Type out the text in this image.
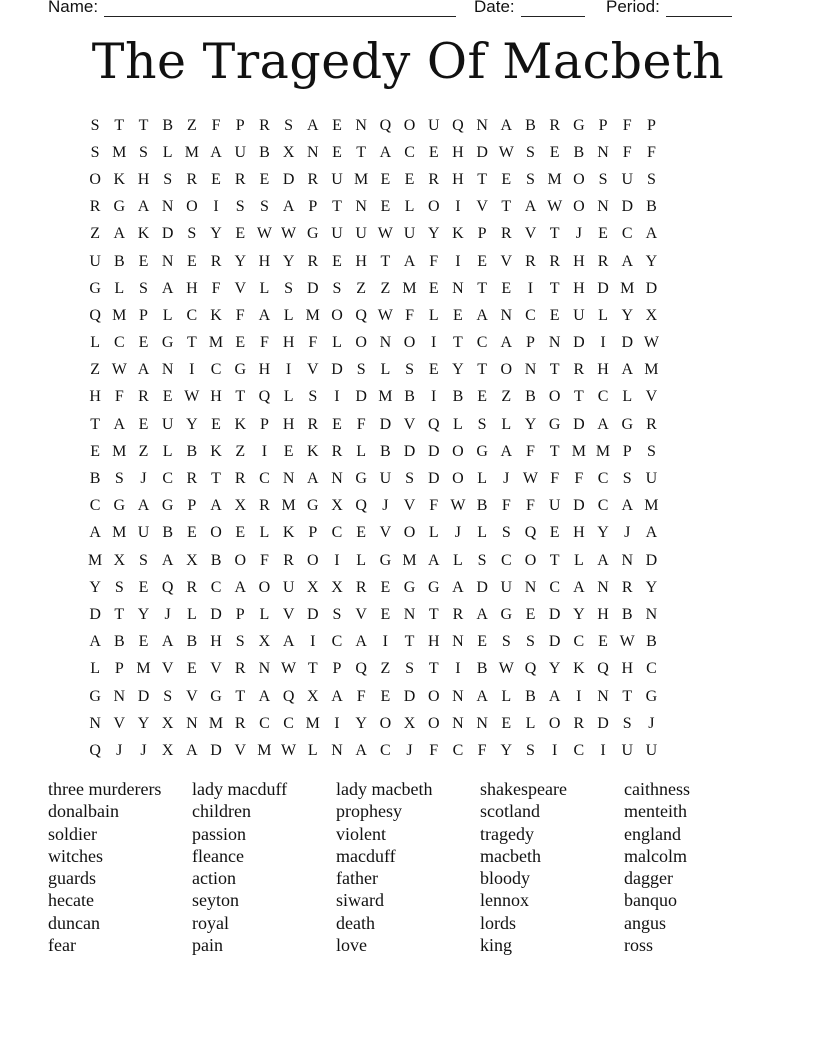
Name:	Date:	Period:
The Tragedy Of Macbeth
S T T B Z F P R S A E N Q O U Q N A B R G P F P
S M S L M A U B X N E T A C E H D W S E B N F F
O K H S R E R E D R U M E E R H T E S M O S U S
R G A N O I	S S A P T N E L O I V T A W O N D B
Z A K D S Y E W W G U U W U Y K P R V T	J	E C A
U B E N E R Y H Y R E H T A F	I	E V R R H R A Y
G L S A H F V L S D S Z Z M E N T E	I	T H D M D
Q M P L C K F A L M O Q W F L E A N C E U L Y X
L C E G T M E F H F L O N O I	T C A P N D I D W
Z W A N I	C G H I V D S L S E Y T O N T R H A M
H F R E W H T Q L S	I D M B	I	B E Z B O T C L V
T A E U Y E K P H R E F D V Q L S L Y G D A G R
E M Z L B K Z	I	E K R L B D D O G A F T M M P S
B S	J C R T R C N A N G U S D O L	J W F F C S U
C G A G P A X R M G X Q J V F W B F F U D C A M
A M U B E O E L K P C E V O L	J	L S Q E H Y J A
M X S A X B O F R O I	L G M A L S C O T L A N D
Y S E Q R C A O U X X R E G G A D U N C A N R Y
D T Y J	L D P L V D S V E N T R A G E D Y H B N
A B E A B H S X A I	C A I	T H N E S S D C E W B
L P M V E V R N W T P Q Z S T	I	B W Q Y K Q H C
G N D S V G T A Q X A F E D O N A L B A I N T G
N V Y X N M R C C M I Y O X O N N E L O R D S	J
Q J	J X A D V M W L N A C J	F C F Y S	I	C	I U U
three murderers
donalbain
soldier
witches
guards
hecate
duncan
fear
lady macduff
children
passion
fleance
action
seyton
royal
pain
lady macbeth
prophesy
violent
macduff
father
siward
death
love
shakespeare
scotland
tragedy
macbeth
bloody
lennox
lords
king
caithness
menteith
england
malcolm
dagger
banquo
angus
ross
